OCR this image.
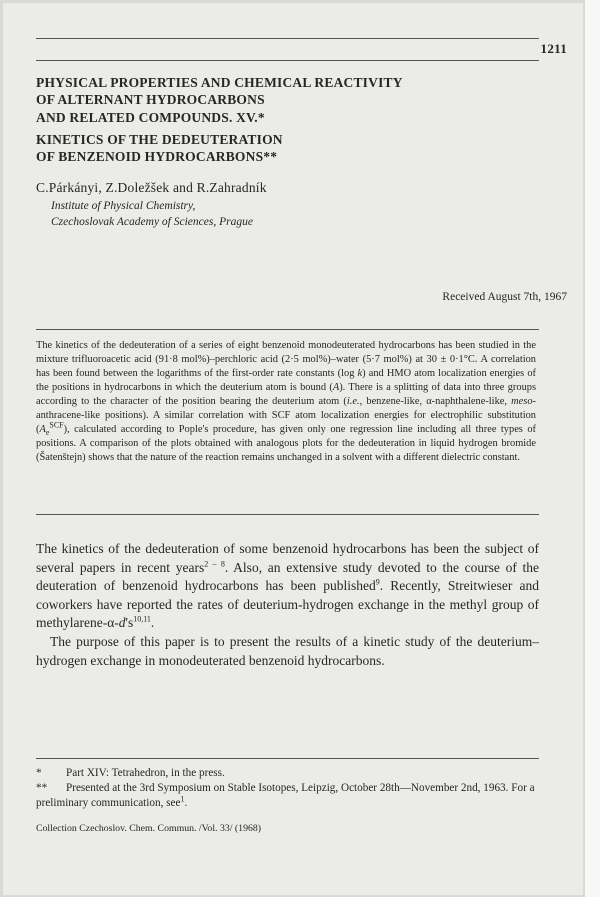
1211
PHYSICAL PROPERTIES AND CHEMICAL REACTIVITY
OF ALTERNANT HYDROCARBONS
AND RELATED COMPOUNDS. XV.*
KINETICS OF THE DEDEUTERATION
OF BENZENOID HYDROCARBONS**
C.Párkányi, Z.Doležšek and R.Zahradník
Institute of Physical Chemistry,
Czechoslovak Academy of Sciences, Prague
Received August 7th, 1967
The kinetics of the dedeuteration of a series of eight benzenoid monodeuterated hydrocarbons has been studied in the mixture trifluoroacetic acid (91·8 mol%)–perchloric acid (2·5 mol%)–water (5·7 mol%) at 30 ± 0·1°C. A correlation has been found between the logarithms of the first-order rate constants (log k) and HMO atom localization energies of the positions in hydrocarbons in which the deuterium atom is bound (A). There is a splitting of data into three groups according to the character of the position bearing the deuterium atom (i.e., benzene-like, α-naphthalene-like, meso-anthracene-like positions). A similar correlation with SCF atom localization energies for electrophilic substitution $(A_e^{SCF})$, calculated according to Pople's procedure, has given only one regression line including all three types of positions. A comparison of the plots obtained with analogous plots for the dedeuteration in liquid hydrogen bromide (Šatenštejn) shows that the nature of the reaction remains unchanged in a solvent with a different dielectric constant.

The kinetics of the dedeuteration of some benzenoid hydrocarbons has been the subject of several papers in recent years$^{2 - 8}$. Also, an extensive study devoted to the course of the deuteration of benzenoid hydrocarbons has been published$^9$. Recently, Streitwieser and coworkers have reported the rates of deuterium-hydrogen exchange in the methyl group of methylarene-$\alpha-d's^{10,11}$.

The purpose of this paper is to present the results of a kinetic study of the deuterium–hydrogen exchange in monodeuterated benzenoid hydrocarbons.

* Part XIV: Tetrahedron, in the press.
** Presented at the 3rd Symposium on Stable Isotopes, Leipzig, October 28th—November 2nd, 1963. For a preliminary communication, see$^1$.
Collection Czechoslov. Chem. Commun. /Vol. 33/ (1968)
